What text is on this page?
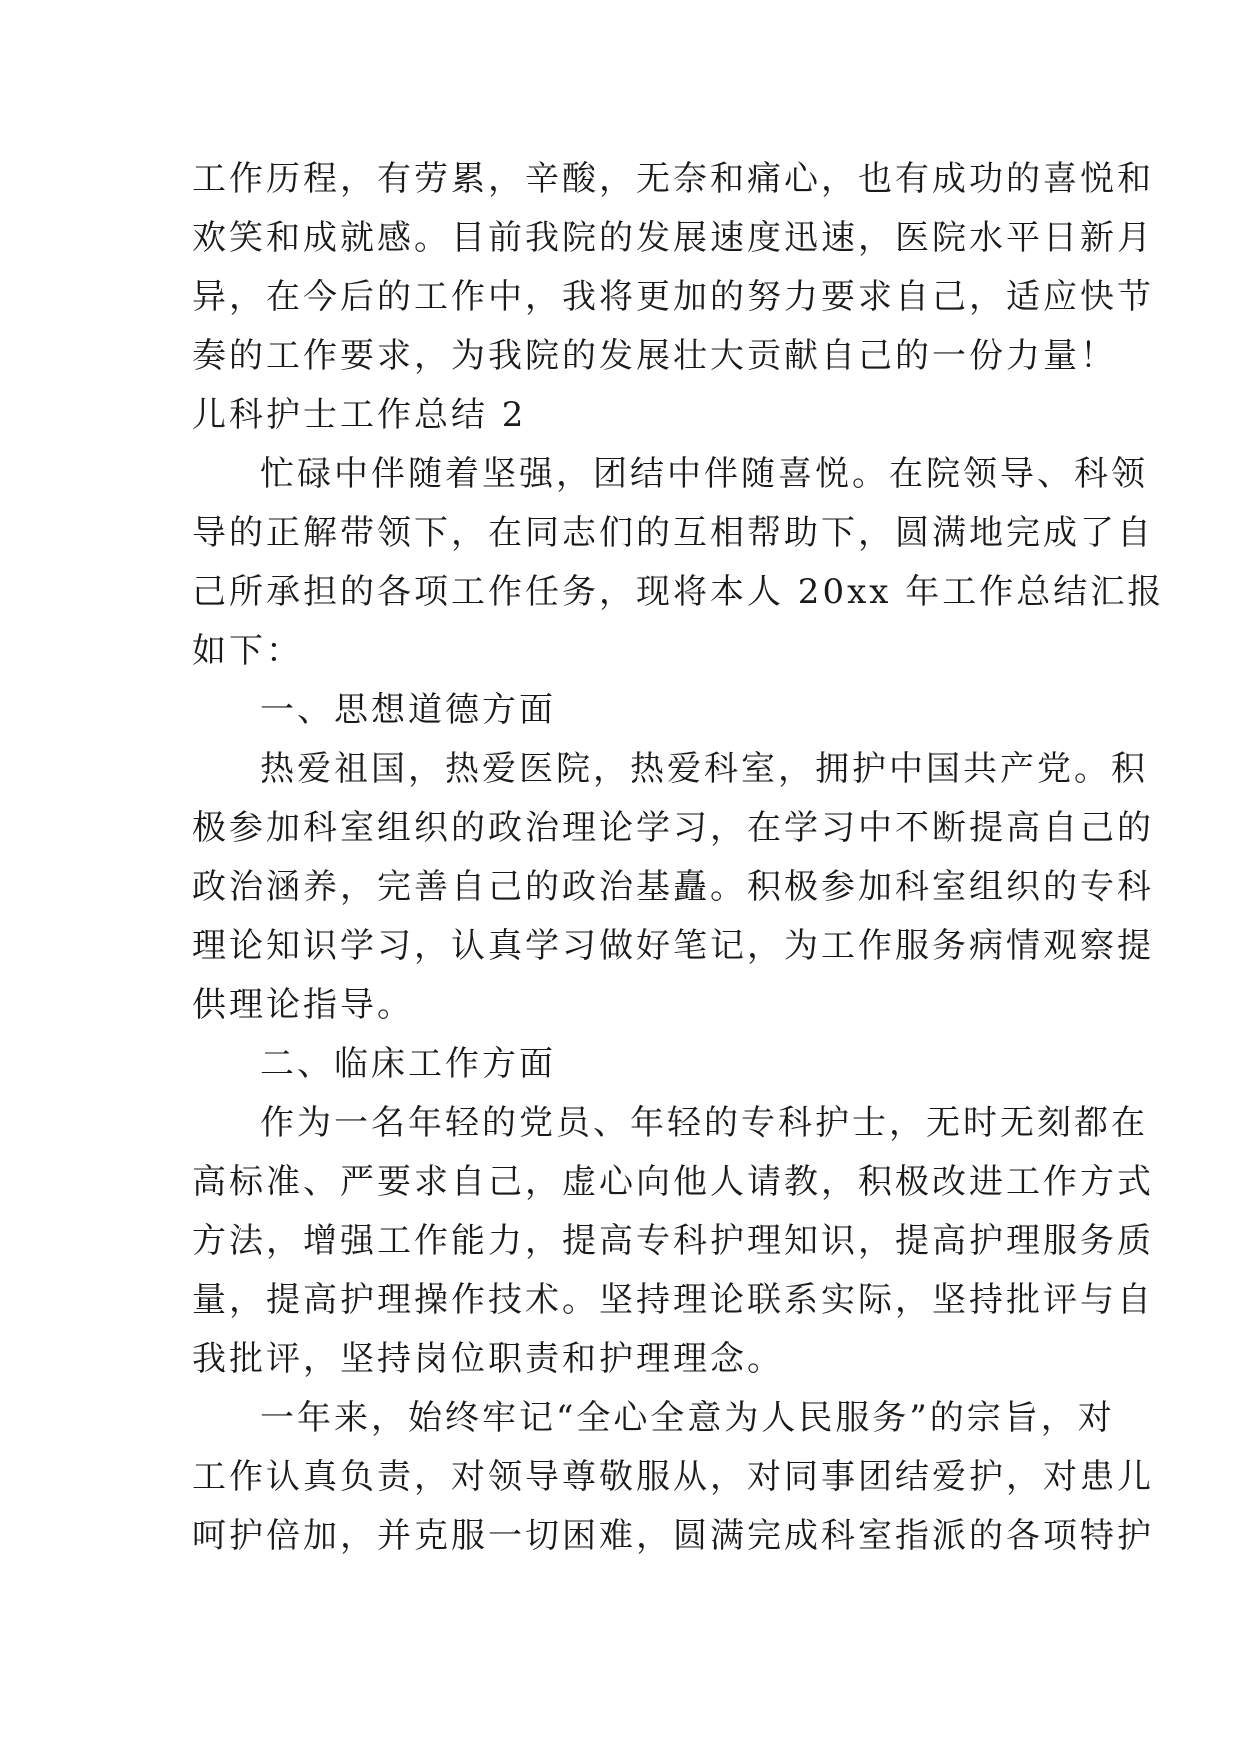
工作历程，有劳累，辛酸，无奈和痛心，也有成功的喜悦和
欢笑和成就感。目前我院的发展速度迅速，医院水平日新月
异，在今后的工作中，我将更加的努力要求自己，适应快节
奏的工作要求，为我院的发展壮大贡献自己的一份力量！
儿科护士工作总结 2
忙碌中伴随着坚强，团结中伴随喜悦。在院领导、科领
导的正解带领下，在同志们的互相帮助下，圆满地完成了自
己所承担的各项工作任务，现将本人 20xx 年工作总结汇报
如下：
一、思想道德方面
热爱祖国，热爱医院，热爱科室，拥护中国共产党。积
极参加科室组织的政治理论学习，在学习中不断提高自己的
政治涵养，完善自己的政治基矗。积极参加科室组织的专科
理论知识学习，认真学习做好笔记，为工作服务病情观察提
供理论指导。
二、临床工作方面
作为一名年轻的党员、年轻的专科护士，无时无刻都在
高标准、严要求自己，虚心向他人请教，积极改进工作方式
方法，增强工作能力，提高专科护理知识，提高护理服务质
量，提高护理操作技术。坚持理论联系实际，坚持批评与自
我批评，坚持岗位职责和护理理念。
一年来，始终牢记“全心全意为人民服务”的宗旨，对
工作认真负责，对领导尊敬服从，对同事团结爱护，对患儿
呵护倍加，并克服一切困难，圆满完成科室指派的各项特护
